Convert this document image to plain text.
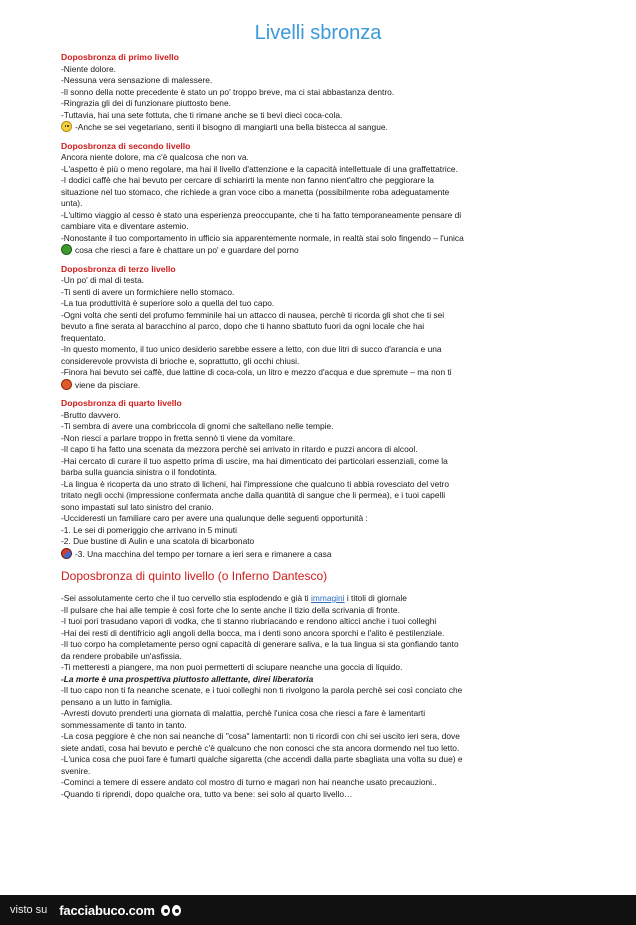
Livelli sbronza
Doposbronza di primo livello

-Niente dolore.

-Nessuna vera sensazione di malessere.

-Il sonno della notte precedente è stato un po' troppo breve, ma ci stai abbastanza dentro.

-Ringrazia gli dei di funzionare piuttosto bene.

-Tuttavia, hai una sete fottuta, che ti rimane anche se ti bevi dieci coca-cola.

-Anche se sei vegetariano, senti il bisogno di mangiarti una bella bistecca al sangue.

Doposbronza di secondo livello

Ancora niente dolore, ma c'è qualcosa che non va.

-L'aspetto è più o meno regolare, ma hai il livello d'attenzione e la capacità intellettuale di una graffettatrice.

-I dodici caffè che hai bevuto per cercare di schiarirti la mente non fanno nient'altro che peggiorare la

situazione nel tuo stomaco, che richiede a gran voce cibo a manetta (possibilmente roba adeguatamente

unta).

-L'ultimo viaggio al cesso è stato una esperienza preoccupante, che ti ha fatto temporaneamente pensare di

cambiare vita e diventare astemio.

-Nonostante il tuo comportamento in ufficio sia apparentemente normale, in realtà stai solo fingendo – l'unica

cosa che riesci a fare è chattare un po' e guardare del porno

Doposbronza di terzo livello

-Un po' di mal di testa.

-Ti senti di avere un formichiere nello stomaco.

-La tua produttività è superiore solo a quella del tuo capo.

-Ogni volta che senti del profumo femminile hai un attacco di nausea, perchè ti ricorda gli shot che ti sei

bevuto a fine serata al baracchino al parco, dopo che ti hanno sbattuto fuori da ogni locale che hai

frequentato.

-In questo momento, il tuo unico desiderio sarebbe essere a letto, con due litri di succo d'arancia e una

considerevole provvista di brioche e, soprattutto, gli occhi chiusi.

-Finora hai bevuto sei caffè, due lattine di coca-cola, un litro e mezzo d'acqua e due spremute – ma non ti

viene da pisciare.

Doposbronza di quarto livello

-Brutto davvero.

-Ti sembra di avere una combriccola di gnomi che saltellano nelle tempie.

-Non riesci a parlare troppo in fretta sennò ti viene da vomitare.

-Il capo ti ha fatto una scenata da mezzora perchè sei arrivato in ritardo e puzzi ancora di alcool.

-Hai cercato di curare il tuo aspetto prima di uscire, ma hai dimenticato dei particolari essenziali, come la

barba sulla guancia sinistra o il fondotinta.

-La lingua è ricoperta da uno strato di licheni, hai l'impressione che qualcuno ti abbia rovesciato del vetro

tritato negli occhi (impressione confermata anche dalla quantità di sangue che li permea), e i tuoi capelli

sono impastati sul lato sinistro del cranio.

-Uccideresti un familiare caro per avere una qualunque delle seguenti opportunità :

-1. Le sei di pomeriggio che arrivano in 5 minuti

-2. Due bustine di Aulin e una scatola di bicarbonato

-3. Una macchina del tempo per tornare a ieri sera e rimanere a casa

Doposbronza di quinto livello (o Inferno Dantesco)

-Sei assolutamente certo che il tuo cervello stia esplodendo e già ti immagini i titoli di giornale

-Il pulsare che hai alle tempie è così forte che lo sente anche il tizio della scrivania di fronte.

-I tuoi pori trasudano vapori di vodka, che ti stanno riubriacando e rendono alticci anche i tuoi colleghi

-Hai dei resti di dentifricio agli angoli della bocca, ma i denti sono ancora sporchi e l'alito è pestilenziale.

-Il tuo corpo ha completamente perso ogni capacità di generare saliva, e la tua lingua si sta gonfiando tanto

da rendere probabile un'asfissia.

-Ti metteresti a piangere, ma non puoi permetterti di sciupare neanche una goccia di liquido.

-La morte è una prospettiva piuttosto allettante, direi liberatoria

-Il tuo capo non ti fa neanche scenate, e i tuoi colleghi non ti rivolgono la parola perchè sei così conciato che

pensano a un lutto in famiglia.

-Avresti dovuto prenderti una giornata di malattia, perchè l'unica cosa che riesci a fare è lamentarti

sommessamente di tanto in tanto.

-La cosa peggiore è che non sai neanche di "cosa" lamentarti: non ti ricordi con chi sei uscito ieri sera, dove

siete andati, cosa hai bevuto e perchè c'è qualcuno che non conosci che sta ancora dormendo nel tuo letto.

-L'unica cosa che puoi fare è fumarti qualche sigaretta (che accendi dalla parte sbagliata una volta su due) e

svenire.

-Cominci a temere di essere andato col mostro di turno e magari non hai neanche usato precauzioni..

-Quando ti riprendi, dopo qualche ora, tutto va bene: sei solo al quarto livello…

visto su facciabuco.com
